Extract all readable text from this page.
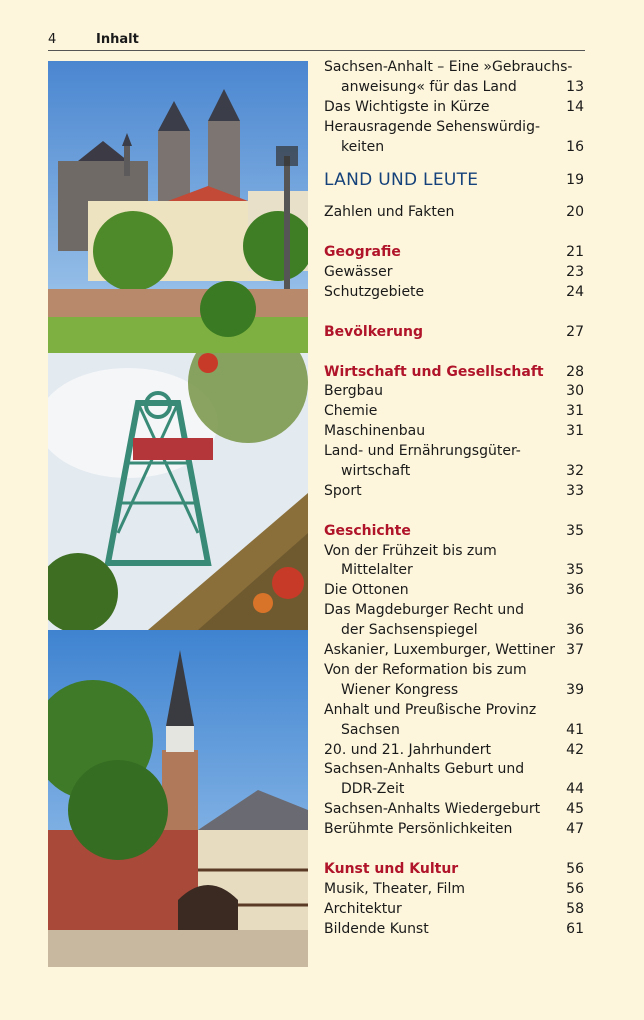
4	Inhalt
Sachsen-Anhalt – Eine »Gebrauchs-
anweisung« für das Land	13
Das Wichtigste in Kürze	14
Herausragende Sehenswürdig-
keiten	16
LAND UND LEUTE	19
Zahlen und Fakten	20
Geografie	21
Gewässer	23
Schutzgebiete	24
Bevölkerung	27
Wirtschaft und Gesellschaft 28
Bergbau	30
Chemie	31
Maschinenbau	31
Land- und Ernährungsgüter-
wirtschaft	32
Sport	33
Geschichte	35
Von der Frühzeit bis zum
Mittelalter	35
Die Ottonen	36
Das Magdeburger Recht und
der Sachsenspiegel	36
Askanier, Luxemburger, Wettiner 37
Von der Reformation bis zum
Wiener Kongress	39
Anhalt und Preußische Provinz
Sachsen	41
20. und 21. Jahrhundert	42
Sachsen-Anhalts Geburt und
DDR-Zeit	44
Sachsen-Anhalts Wiedergeburt 45
Berühmte Persönlichkeiten	47
Kunst und Kultur	56
Musik, Theater, Film	56
Architektur	58
Bildende Kunst	61
